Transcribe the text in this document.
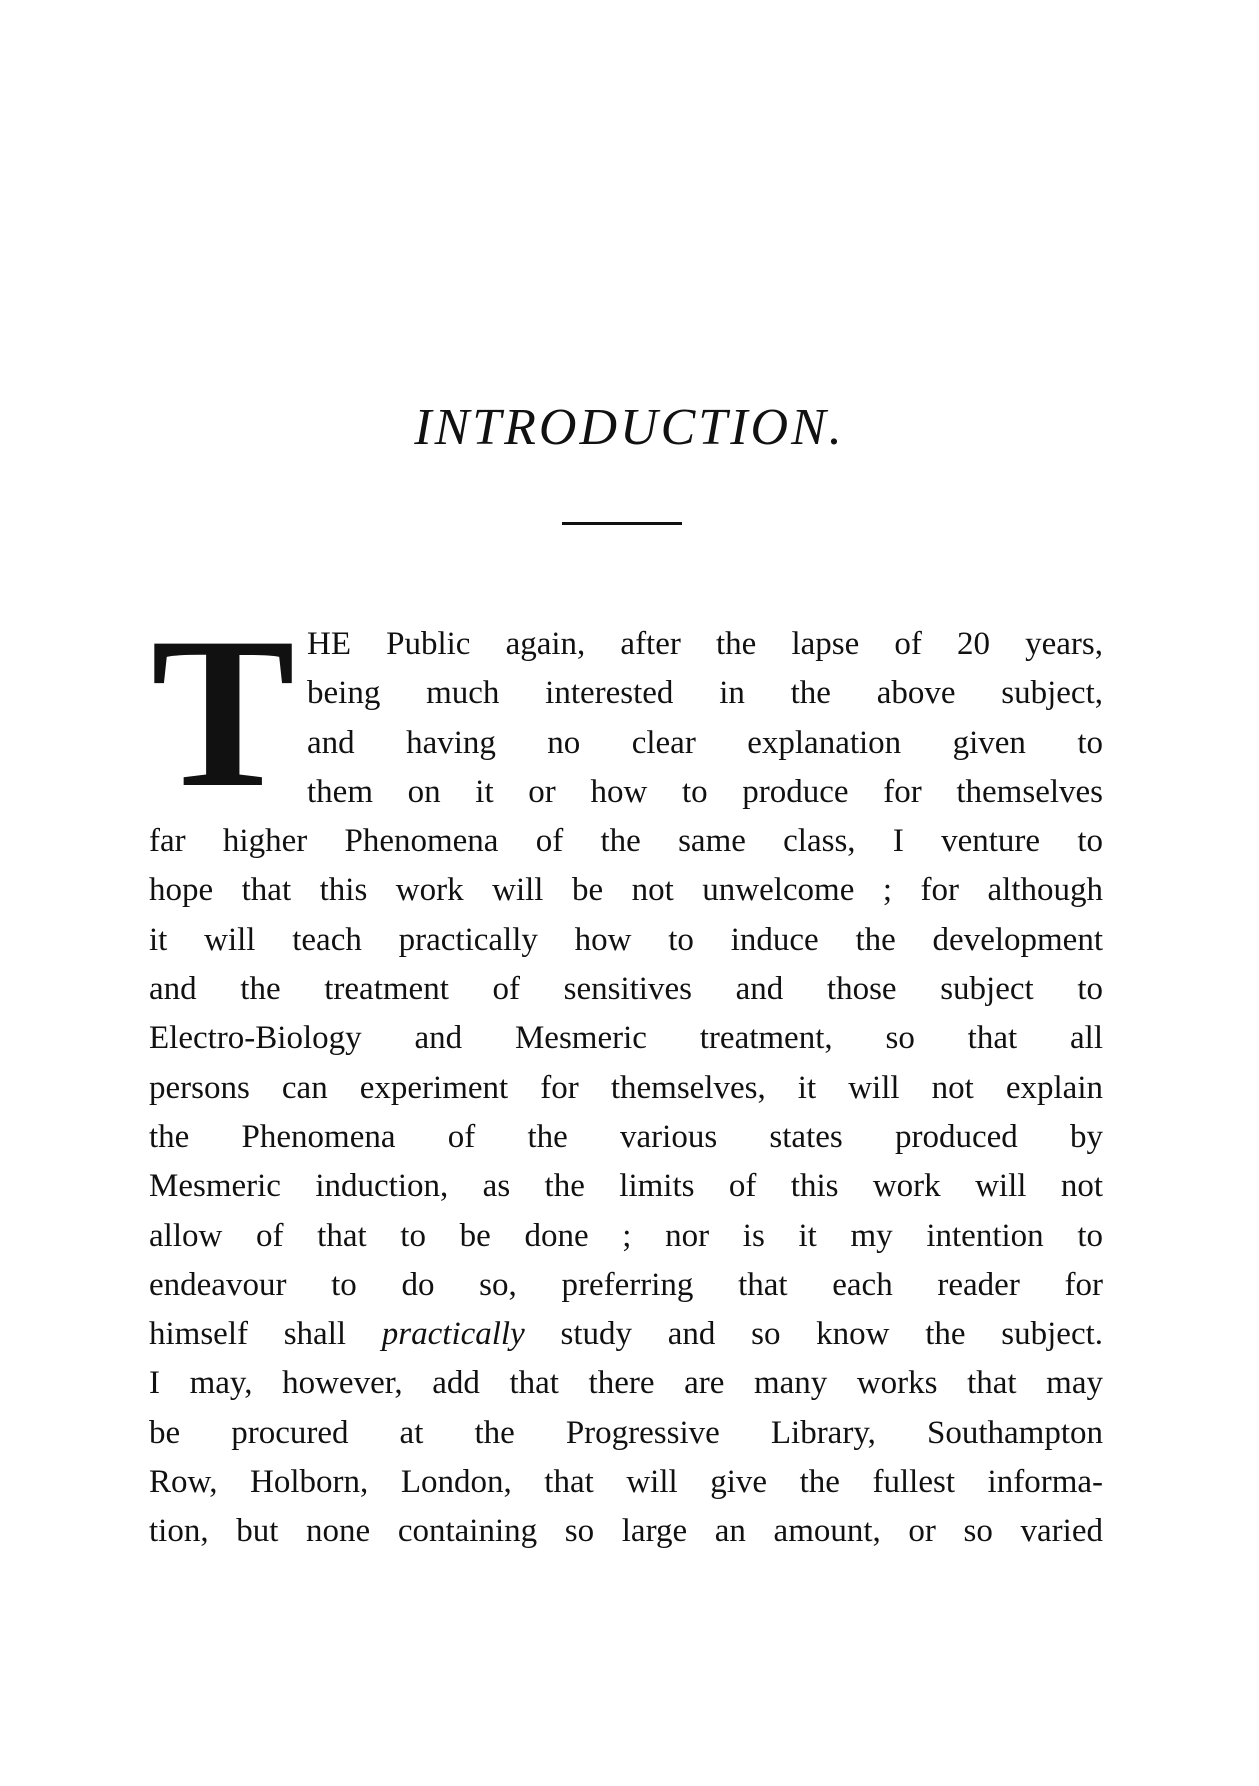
INTRODUCTION.
T HE Public again, after the lapse of 20 years,
being much interested in the above subject,
and having no clear explanation given to
them on it or how to produce for themselves
far higher Phenomena of the same class, I venture to
hope that this work will be not unwelcome ; for although
it will teach practically how to induce the development
and the treatment of sensitives and those subject to
Electro-Biology and Mesmeric treatment, so that all
persons can experiment for themselves, it will not explain
the Phenomena of the various states produced by
Mesmeric induction, as the limits of this work will not
allow of that to be done ; nor is it my intention to
endeavour to do so, preferring that each reader for
himself shall practically study and so know the subject.
I may, however, add that there are many works that may
be procured at the Progressive Library, Southampton
Row, Holborn, London, that will give the fullest informa-
tion, but none containing so large an amount, or so varied
